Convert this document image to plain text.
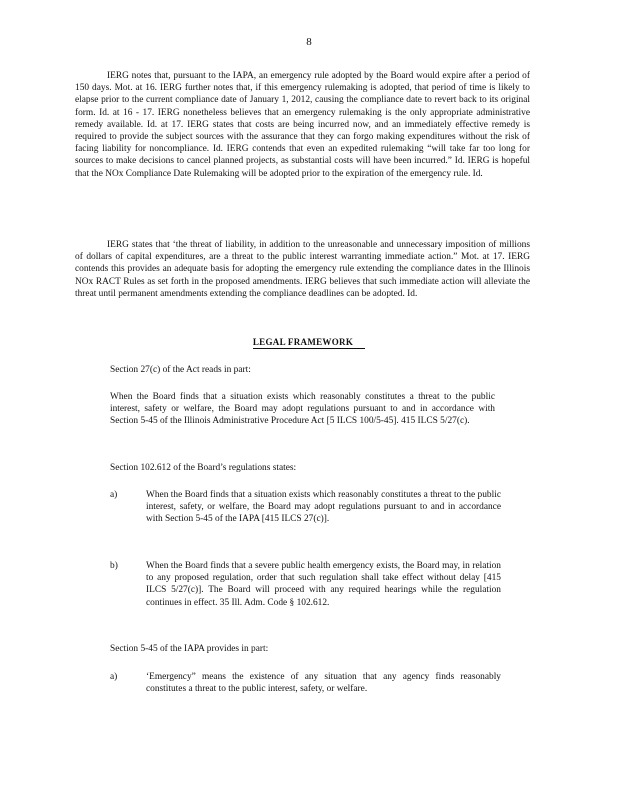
8

IERG notes that, pursuant to the IAPA, an emergency rule adopted by the Board would expire after a period of 150 days. Mot. at 16. IERG further notes that, if this emergency rulemaking is adopted, that period of time is likely to elapse prior to the current compliance date of January 1, 2012, causing the compliance date to revert back to its original form. Id. at 16 - 17. IERG nonetheless believes that an emergency rulemaking is the only appropriate administrative remedy available. Id. at 17. IERG states that costs are being incurred now, and an immediately effective remedy is required to provide the subject sources with the assurance that they can forgo making expenditures without the risk of facing liability for noncompliance. Id. IERG contends that even an expedited rulemaking “will take far too long for sources to make decisions to cancel planned projects, as substantial costs will have been incurred.” Id. IERG is hopeful that the NOx Compliance Date Rulemaking will be adopted prior to the expiration of the emergency rule. Id.

IERG states that ‘the threat of liability, in addition to the unreasonable and unnecessary imposition of millions of dollars of capital expenditures, are a threat to the public interest warranting immediate action.” Mot. at 17. IERG contends this provides an adequate basis for adopting the emergency rule extending the compliance dates in the Illinois NOx RACT Rules as set forth in the proposed amendments. IERG believes that such immediate action will alleviate the threat until permanent amendments extending the compliance deadlines can be adopted. Id.

LEGAL FRAMEWORK

Section 27(c) of the Act reads in part:

When the Board finds that a situation exists which reasonably constitutes a threat to the public interest, safety or welfare, the Board may adopt regulations pursuant to and in accordance with Section 5-45 of the Illinois Administrative Procedure Act [5 ILCS 100/5-45]. 415 ILCS 5/27(c).

Section 102.612 of the Board’s regulations states:

a)	When the Board finds that a situation exists which reasonably constitutes a threat to the public interest, safety, or welfare, the Board may adopt regulations pursuant to and in accordance with Section 5-45 of the IAPA [415 ILCS 27(c)].

b)	When the Board finds that a severe public health emergency exists, the Board may, in relation to any proposed regulation, order that such regulation shall take effect without delay [415 ILCS 5/27(c)]. The Board will proceed with any required hearings while the regulation continues in effect. 35 Ill. Adm. Code § 102.612.

Section 5-45 of the IAPA provides in part:

a)	‘Emergency” means the existence of any situation that any agency finds reasonably constitutes a threat to the public interest, safety, or welfare.
